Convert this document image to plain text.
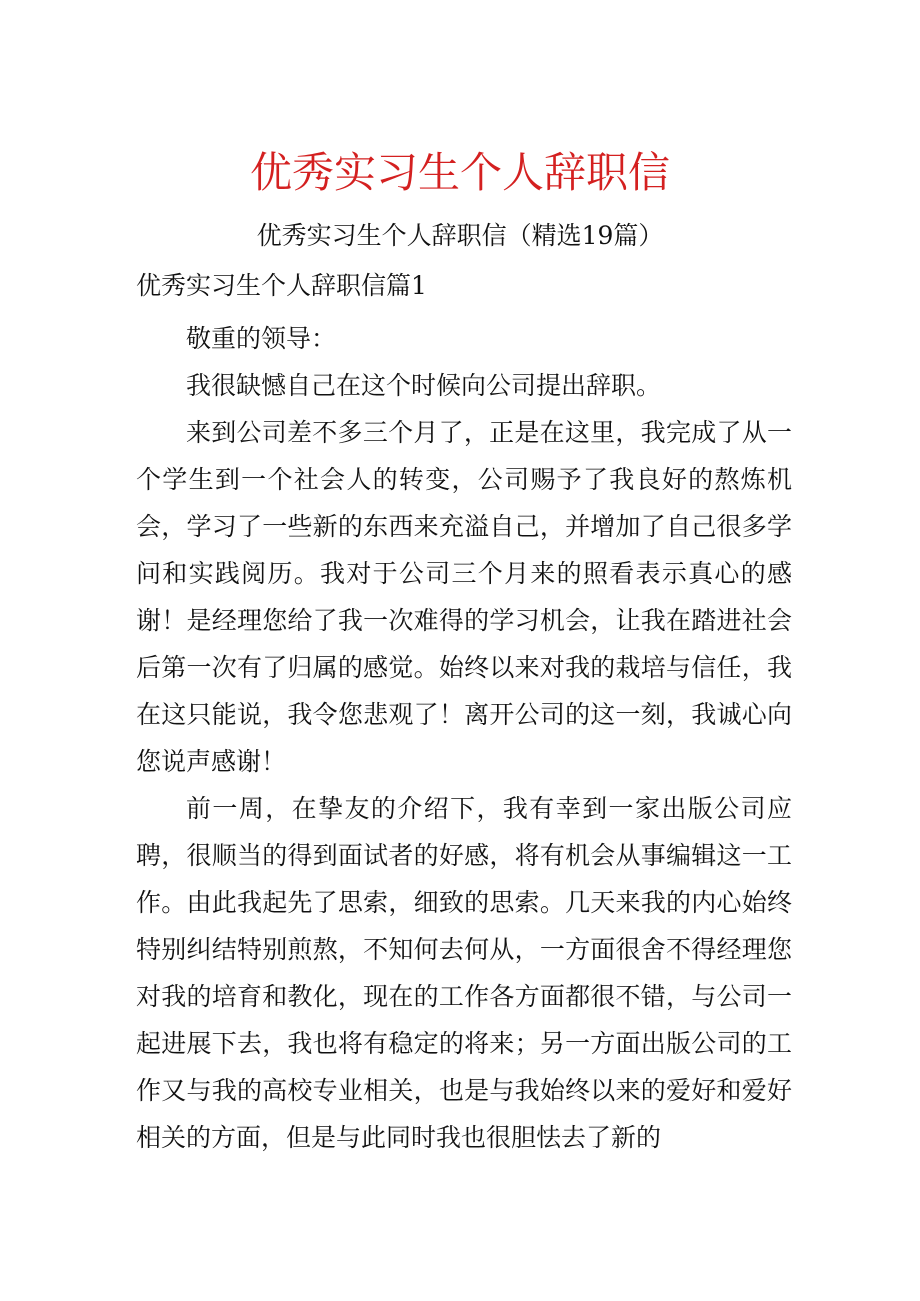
优秀实习生个人辞职信
优秀实习生个人辞职信（精选19篇）
优秀实习生个人辞职信篇1

敬重的领导：

我很缺憾自己在这个时候向公司提出辞职。

来到公司差不多三个月了，正是在这里，我完成了从一个学生到一个社会人的转变，公司赐予了我良好的熬炼机会，学习了一些新的东西来充溢自己，并增加了自己很多学问和实践阅历。我对于公司三个月来的照看表示真心的感谢！是经理您给了我一次难得的学习机会，让我在踏进社会后第一次有了归属的感觉。始终以来对我的栽培与信任，我在这只能说，我令您悲观了！离开公司的这一刻，我诚心向您说声感谢！

前一周，在挚友的介绍下，我有幸到一家出版公司应聘，很顺当的得到面试者的好感，将有机会从事编辑这一工作。由此我起先了思索，细致的思索。几天来我的内心始终特别纠结特别煎熬，不知何去何从，一方面很舍不得经理您对我的培育和教化，现在的工作各方面都很不错，与公司一起进展下去，我也将有稳定的将来；另一方面出版公司的工作又与我的高校专业相关，也是与我始终以来的爱好和爱好相关的方面，但是与此同时我也很胆怯去了新的
